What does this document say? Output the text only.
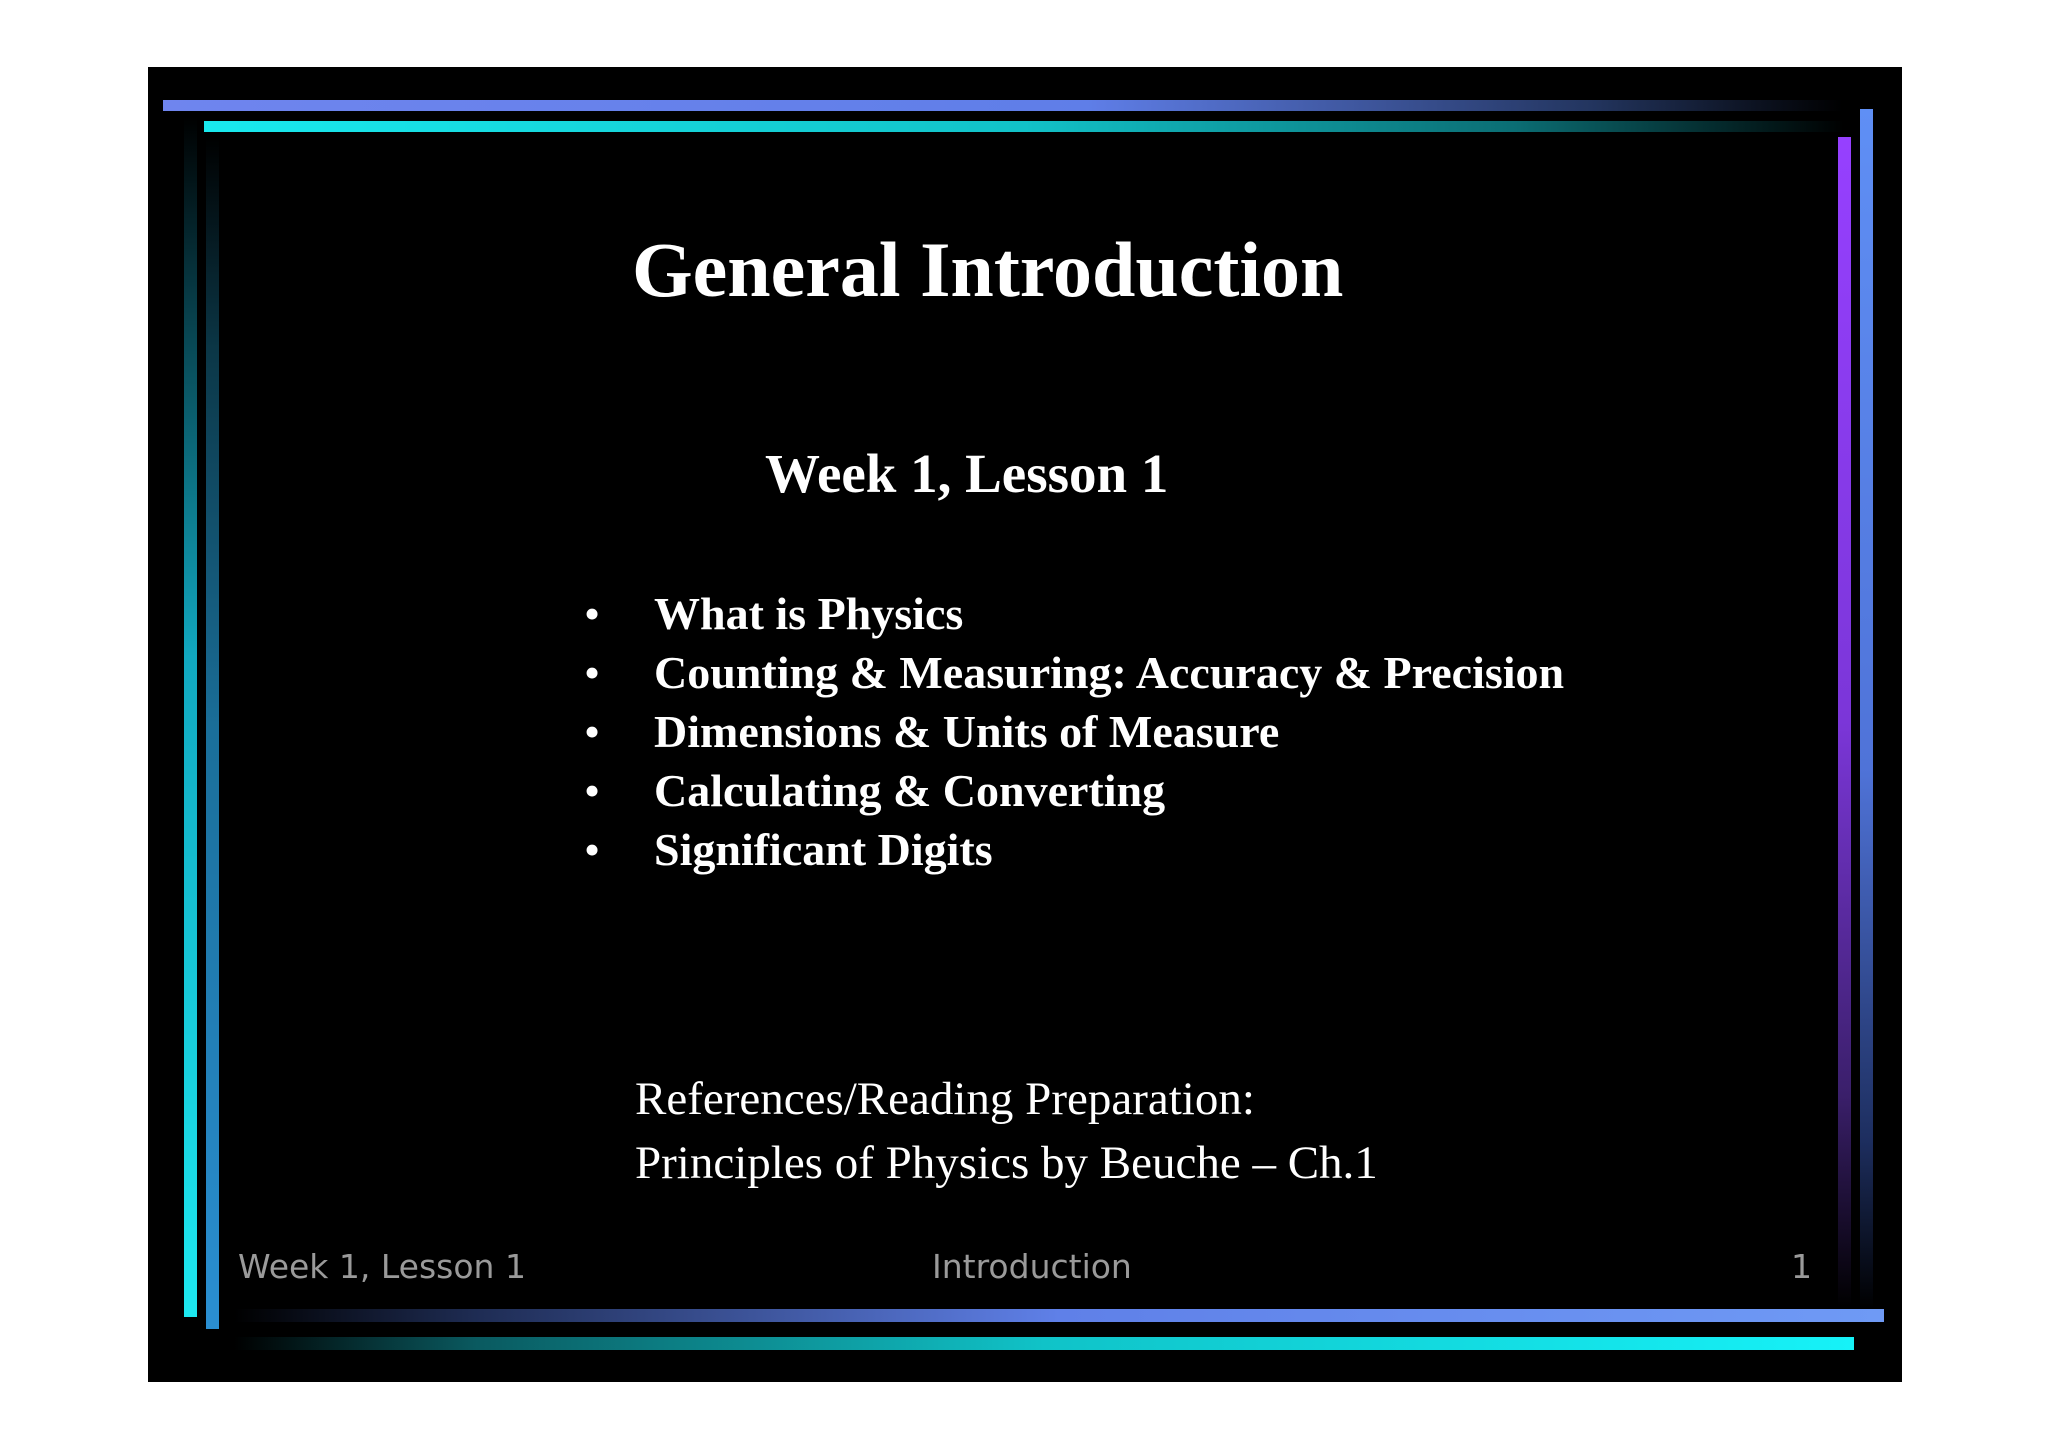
General Introduction
Week 1, Lesson 1
• What is Physics
• Counting & Measuring: Accuracy & Precision
• Dimensions & Units of Measure
• Calculating & Converting
• Significant Digits
References/Reading Preparation:
Principles of Physics by Beuche – Ch.1
Week 1, Lesson 1	Introduction	1
